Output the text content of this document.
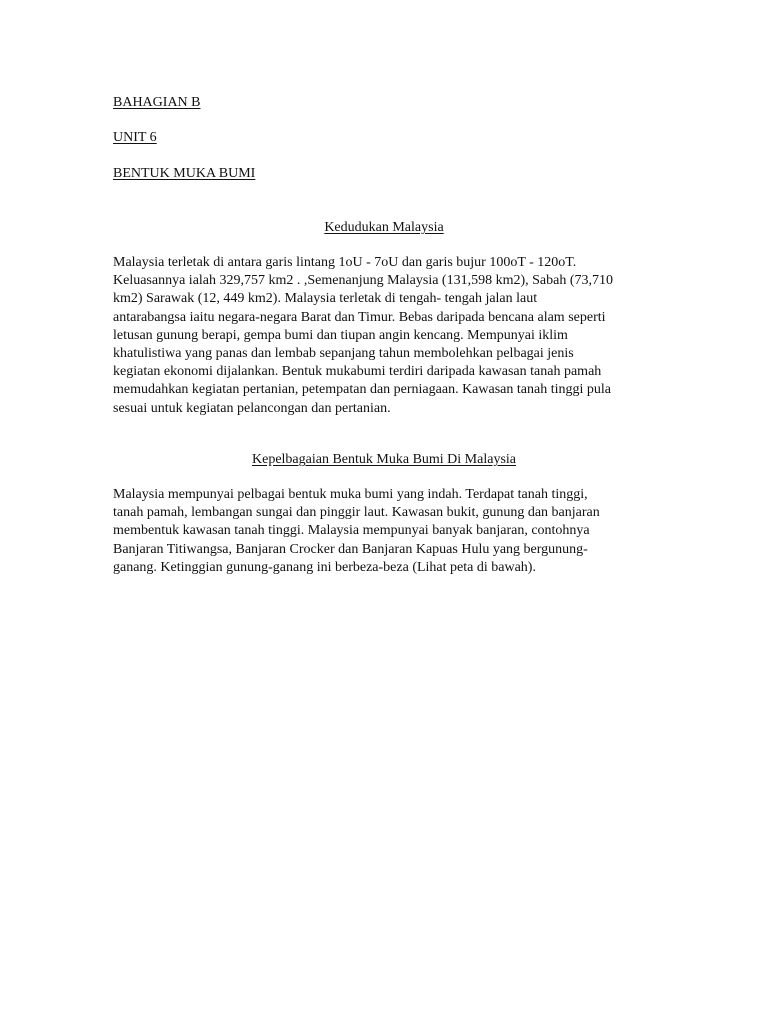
BAHAGIAN B
UNIT 6
BENTUK MUKA BUMI
Kedudukan Malaysia

Malaysia terletak di antara garis lintang 1oU - 7oU dan garis bujur 100oT - 120oT.
Keluasannya ialah 329,757 km2 . ,Semenanjung Malaysia (131,598 km2), Sabah (73,710
km2) Sarawak (12, 449 km2). Malaysia terletak di tengah- tengah jalan laut
antarabangsa iaitu negara-negara Barat dan Timur. Bebas daripada bencana alam seperti
letusan gunung berapi, gempa bumi dan tiupan angin kencang. Mempunyai iklim
khatulistiwa yang panas dan lembab sepanjang tahun membolehkan pelbagai jenis
kegiatan ekonomi dijalankan. Bentuk mukabumi terdiri daripada kawasan tanah pamah
memudahkan kegiatan pertanian, petempatan dan perniagaan. Kawasan tanah tinggi pula
sesuai untuk kegiatan pelancongan dan pertanian.

Kepelbagaian Bentuk Muka Bumi Di Malaysia

Malaysia mempunyai pelbagai bentuk muka bumi yang indah. Terdapat tanah tinggi,
tanah pamah, lembangan sungai dan pinggir laut. Kawasan bukit, gunung dan banjaran
membentuk kawasan tanah tinggi. Malaysia mempunyai banyak banjaran, contohnya
Banjaran Titiwangsa, Banjaran Crocker dan Banjaran Kapuas Hulu yang bergunung-
ganang. Ketinggian gunung-ganang ini berbeza-beza (Lihat peta di bawah).
